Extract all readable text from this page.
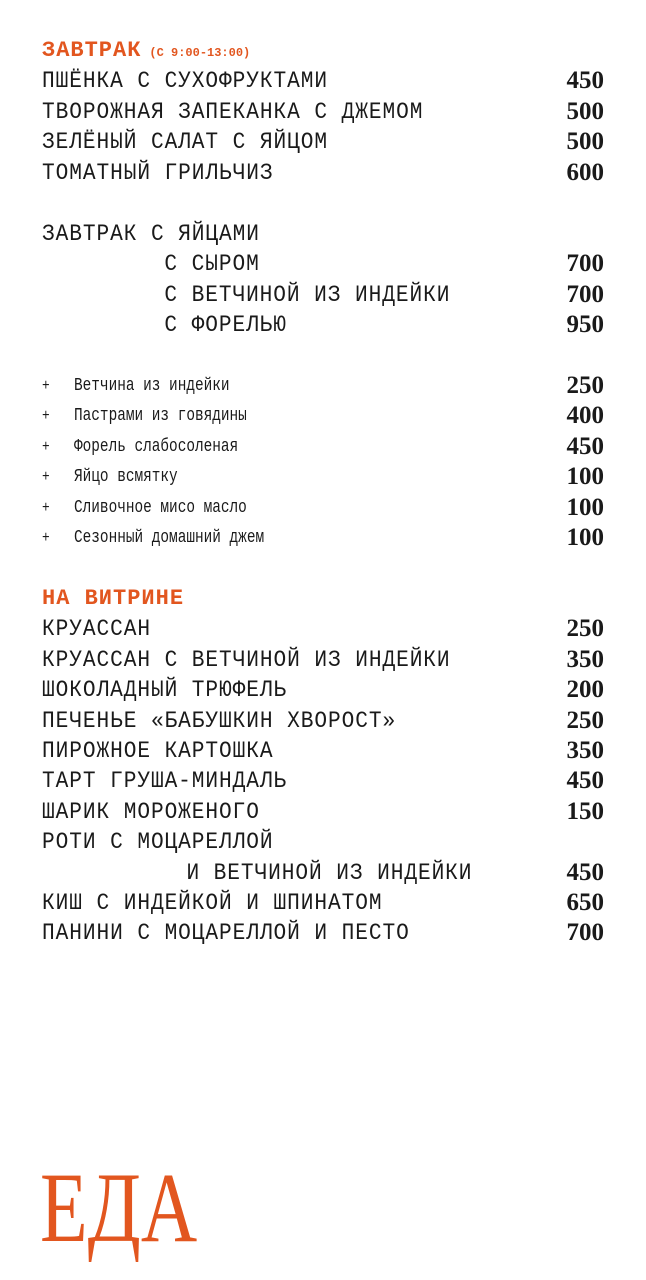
ЗАВТРАК (С 9:00-13:00)
ПШЁНКА С СУХОФРУКТАМИ	450
ТВОРОЖНАЯ ЗАПЕКАНКА С ДЖЕМОМ	500
ЗЕЛЁНЫЙ САЛАТ С ЯЙЦОМ	500
ТОМАТНЫЙ ГРИЛЬЧИЗ	600
ЗАВТРАК С ЯЙЦАМИ
С СЫРОМ	700
С ВЕТЧИНОЙ ИЗ ИНДЕЙКИ	700
С ФОРЕЛЬЮ	950
+ Ветчина из индейки	250
+ Пастрами из говядины	400
+ Форель слабосоленая	450
+ Яйцо всмятку	100
+ Сливочное мисо масло	100
+ Сезонный домашний джем	100
НА ВИТРИНЕ
КРУАССАН	250
КРУАССАН С ВЕТЧИНОЙ ИЗ ИНДЕЙКИ	350
ШОКОЛАДНЫЙ ТРЮФЕЛЬ	200
ПЕЧЕНЬЕ «БАБУШКИН ХВОРОСТ»	250
ПИРОЖНОЕ КАРТОШКА	350
ТАРТ ГРУША-МИНДАЛЬ	450
ШАРИК МОРОЖЕНОГО	150
РОТИ С МОЦАРЕЛЛОЙ
И ВЕТЧИНОЙ ИЗ ИНДЕЙКИ	450
КИШ С ИНДЕЙКОЙ И ШПИНАТОМ	650
ПАНИНИ С МОЦАРЕЛЛОЙ И ПЕСТО	700
ЕДА
